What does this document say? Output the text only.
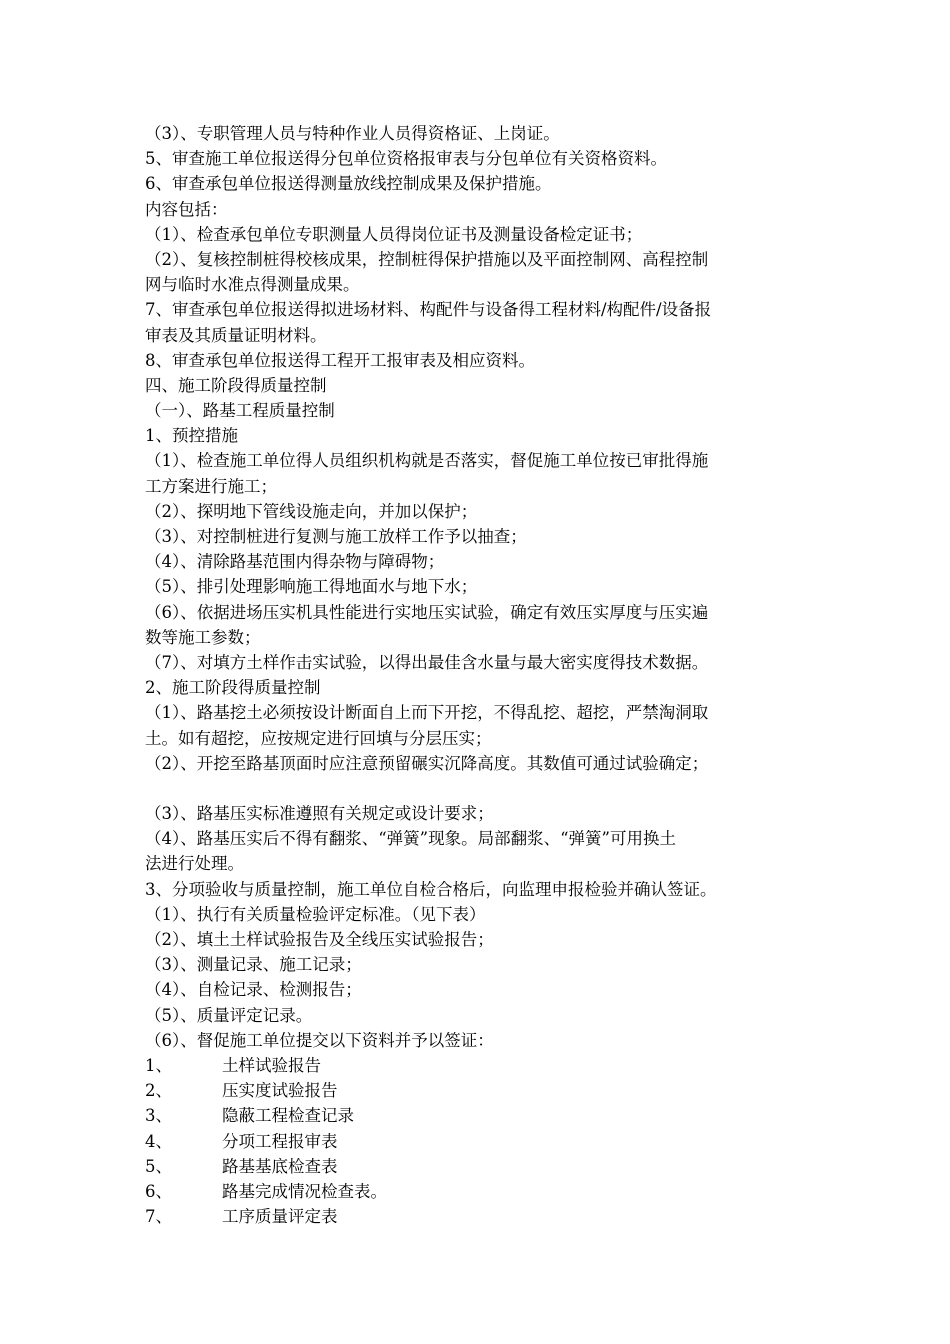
（3）、专职管理人员与特种作业人员得资格证、上岗证。
5、审查施工单位报送得分包单位资格报审表与分包单位有关资格资料。
6、审查承包单位报送得测量放线控制成果及保护措施。
内容包括：
（1）、检查承包单位专职测量人员得岗位证书及测量设备检定证书；
（2）、复核控制桩得校核成果，控制桩得保护措施以及平面控制网、高程控制
网与临时水准点得测量成果。
7、审查承包单位报送得拟进场材料、构配件与设备得工程材料/构配件/设备报
审表及其质量证明材料。
8、审查承包单位报送得工程开工报审表及相应资料。
四、施工阶段得质量控制
（一）、路基工程质量控制
1、预控措施
（1）、检查施工单位得人员组织机构就是否落实，督促施工单位按已审批得施
工方案进行施工；
（2）、探明地下管线设施走向，并加以保护；
（3）、对控制桩进行复测与施工放样工作予以抽查；
（4）、清除路基范围内得杂物与障碍物；
（5）、排引处理影响施工得地面水与地下水；
（6）、依据进场压实机具性能进行实地压实试验，确定有效压实厚度与压实遍
数等施工参数；
（7）、对填方土样作击实试验，以得出最佳含水量与最大密实度得技术数据。
2、施工阶段得质量控制
（1）、路基挖土必须按设计断面自上而下开挖，不得乱挖、超挖，严禁淘洞取
土。如有超挖，应按规定进行回填与分层压实；
（2）、开挖至路基顶面时应注意预留碾实沉降高度。其数值可通过试验确定；
（3）、路基压实标准遵照有关规定或设计要求；
（4）、路基压实后不得有翻浆、“弹簧”现象。局部翻浆、“弹簧”可用换土
法进行处理。
3、分项验收与质量控制，施工单位自检合格后，向监理申报检验并确认签证。
（1）、执行有关质量检验评定标准。（见下表）
（2）、填土土样试验报告及全线压实试验报告；
（3）、测量记录、施工记录；
（4）、自检记录、检测报告；
（5）、质量评定记录。
（6）、督促施工单位提交以下资料并予以签证：
1、	土样试验报告
2、	压实度试验报告
3、	隐蔽工程检查记录
4、	分项工程报审表
5、	路基基底检查表
6、	路基完成情况检查表。
7、	工序质量评定表
